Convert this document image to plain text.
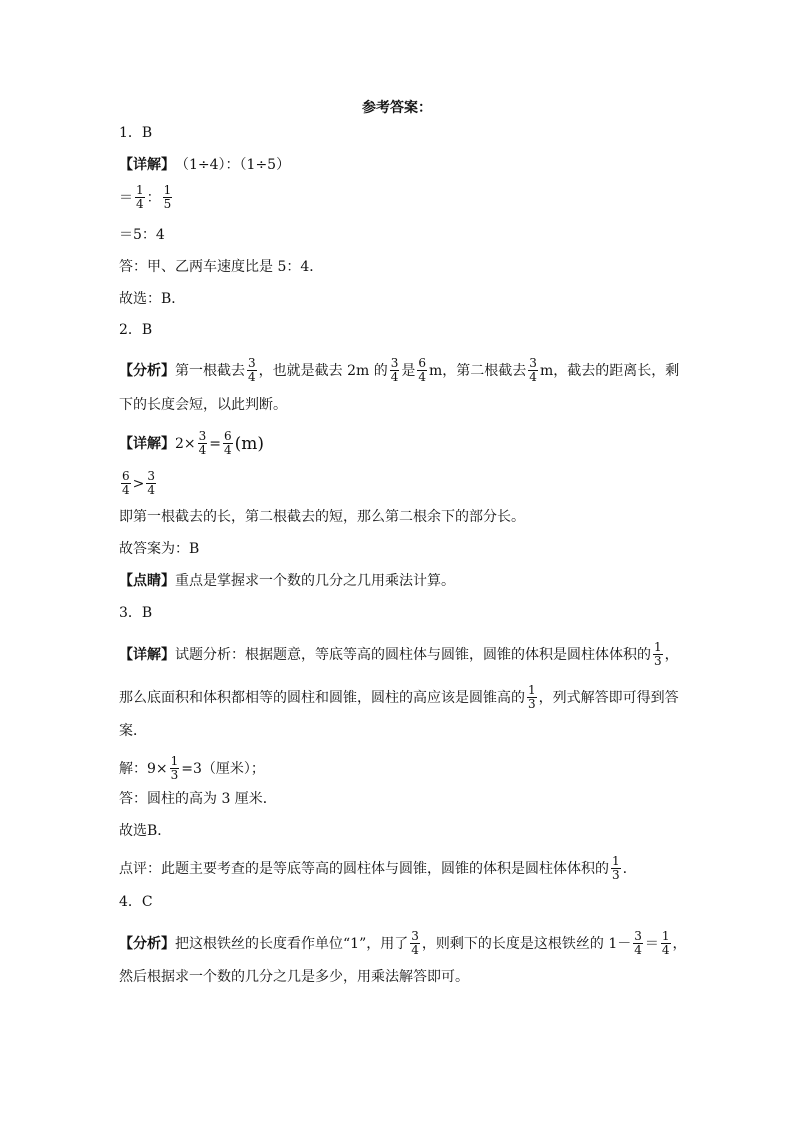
参考答案：
1．B
【详解】 （1÷4）：（1÷5）
＝ $\frac{1}{4}$ ： $\frac{1}{5}$
＝5：4
答：甲、乙两车速度比是 5：4．
故选：B．
2．B
【分析】 第一根截去 $\frac{3}{4}$ ，也就是截去 2m 的 $\frac{3}{4}$ 是 $\frac{6}{4}$ m，第二根截去 $\frac{3}{4}$ m，截去的距离长，剩
下的长度会短，以此判断。
【详解】 $2\times \frac{3}{4} = \frac{6}{4} (m)$
$\frac{6}{4} > \frac{3}{4}$
即第一根截去的长，第二根截去的短，那么第二根余下的部分长。
故答案为：B
【点睛】 重点是掌握求一个数的几分之几用乘法计算。
3．B
【详解】 试题分析：根据题意，等底等高的圆柱体与圆锥，圆锥的体积是圆柱体体积的 $\frac{1}{3}$ ，
那么底面积和体积都相等的圆柱和圆锥，圆柱的高应该是圆锥高的 $\frac{1}{3}$ ，列式解答即可得到答
案．
解：$9\times \frac{1}{3} =3$（厘米）；
答：圆柱的高为 3 厘米．
故选B．
点评：此题主要考查的是等底等高的圆柱体与圆锥，圆锥的体积是圆柱体体积的 $\frac{1}{3}$ .
4．C
【分析】 把这根铁丝的长度看作单位“1”，用了 $\frac{3}{4}$ ，则剩下的长度是这根铁丝的 $1- \frac{3}{4} = \frac{1}{4}$ ，
然后根据求一个数的几分之几是多少，用乘法解答即可。
